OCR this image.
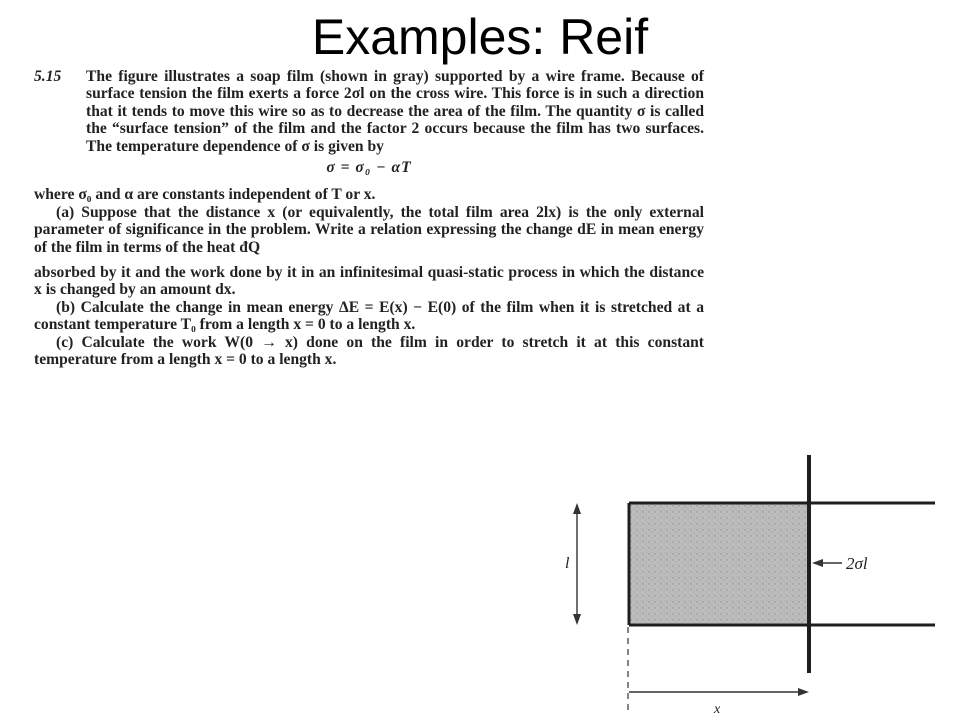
Examples: Reif
5.15 The figure illustrates a soap film (shown in gray) supported by a wire frame. Because of surface tension the film exerts a force 2σl on the cross wire. This force is in such a direction that it tends to move this wire so as to decrease the area of the film. The quantity σ is called the “surface tension” of the film and the factor 2 occurs because the film has two surfaces. The temperature dependence of σ is given by

σ = σ₀ − αT

where σ₀ and α are constants independent of T or x.

(a) Suppose that the distance x (or equivalently, the total film area 2lx) is the only external parameter of significance in the problem. Write a relation expressing the change dE in mean energy of the film in terms of the heat đQ

absorbed by it and the work done by it in an infinitesimal quasi-static process in which the distance x is changed by an amount dx.

(b) Calculate the change in mean energy ΔE = E(x) − E(0) of the film when it is stretched at a constant temperature T₀ from a length x = 0 to a length x.

(c) Calculate the work W(0 → x) done on the film in order to stretch it at this constant temperature from a length x = 0 to a length x.

l	2σl
x
